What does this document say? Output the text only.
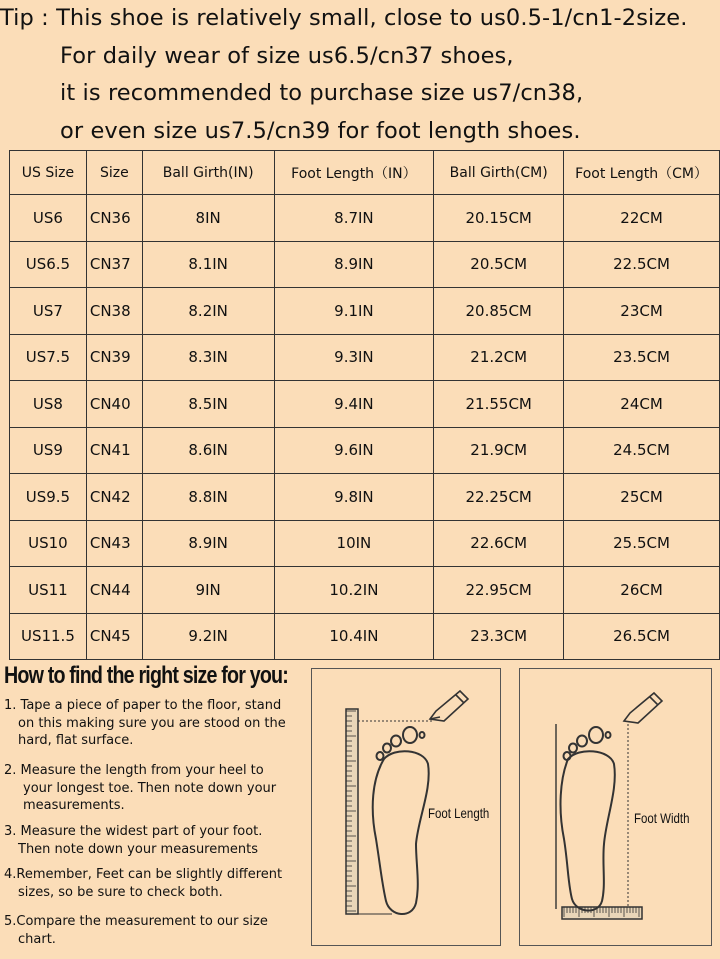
Tip : This shoe is relatively small, close to us0.5-1/cn1-2size.
For daily wear of size us6.5/cn37 shoes,
it is recommended to purchase size us7/cn38,
or even size us7.5/cn39 for foot length shoes.
US Size	Size	Ball Girth(IN)	Foot Length（IN）	Ball Girth(CM)	Foot Length（CM）
US6	CN36	8IN	8.7IN	20.15CM	22CM
US6.5	CN37	8.1IN	8.9IN	20.5CM	22.5CM
US7	CN38	8.2IN	9.1IN	20.85CM	23CM
US7.5	CN39	8.3IN	9.3IN	21.2CM	23.5CM
US8	CN40	8.5IN	9.4IN	21.55CM	24CM
US9	CN41	8.6IN	9.6IN	21.9CM	24.5CM
US9.5	CN42	8.8IN	9.8IN	22.25CM	25CM
US10	CN43	8.9IN	10IN	22.6CM	25.5CM
US11	CN44	9IN	10.2IN	22.95CM	26CM
US11.5	CN45	9.2IN	10.4IN	23.3CM	26.5CM
How to find the right size for you:
1. Tape a piece of paper to the floor, stand
on this making sure you are stood on the
hard, flat surface.
2. Measure the length from your heel to
your longest toe. Then note down your
measurements.
3. Measure the widest part of your foot.
Then note down your measurements
4.Remember, Feet can be slightly different
sizes, so be sure to check both.
5.Compare the measurement to our size
chart.
Foot Length	Foot Width
